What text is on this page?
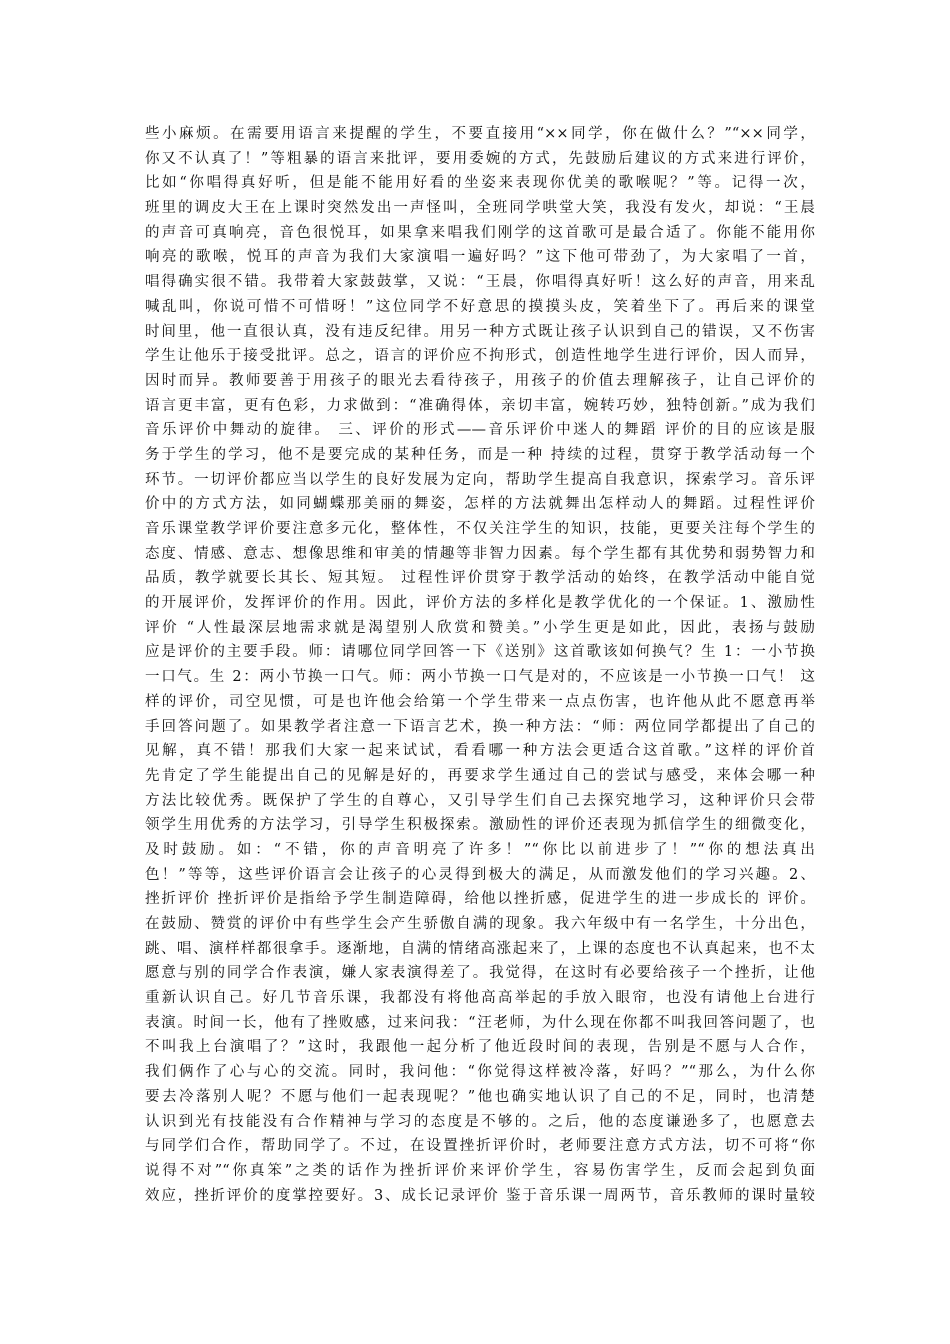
些小麻烦。在需要用语言来提醒的学生，不要直接用“××同学，你在做什么？”“××同学，
你又不认真了！”等粗暴的语言来批评，要用委婉的方式，先鼓励后建议的方式来进行评价，
比如“你唱得真好听，但是能不能用好看的坐姿来表现你优美的歌喉呢？”等。记得一次，
班里的调皮大王在上课时突然发出一声怪叫，全班同学哄堂大笑，我没有发火，却说：“王晨
的声音可真响亮，音色很悦耳，如果拿来唱我们刚学的这首歌可是最合适了。你能不能用你
响亮的歌喉，悦耳的声音为我们大家演唱一遍好吗？”这下他可带劲了，为大家唱了一首，
唱得确实很不错。我带着大家鼓鼓掌，又说：“王晨，你唱得真好听！这么好的声音，用来乱
喊乱叫，你说可惜不可惜呀！”这位同学不好意思的摸摸头皮，笑着坐下了。再后来的课堂
时间里，他一直很认真，没有违反纪律。用另一种方式既让孩子认识到自己的错误，又不伤害
学生让他乐于接受批评。总之，语言的评价应不拘形式，创造性地学生进行评价，因人而异，
因时而异。教师要善于用孩子的眼光去看待孩子，用孩子的价值去理解孩子，让自己评价的
语言更丰富，更有色彩，力求做到：“准确得体，亲切丰富，婉转巧妙，独特创新。”成为我们
音乐评价中舞动的旋律。 三、评价的形式——音乐评价中迷人的舞蹈 评价的目的应该是服
务于学生的学习，他不是要完成的某种任务，而是一种 持续的过程，贯穿于教学活动每一个
环节。一切评价都应当以学生的良好发展为定向，帮助学生提高自我意识，探索学习。音乐评
价中的方式方法，如同蝴蝶那美丽的舞姿，怎样的方法就舞出怎样动人的舞蹈。过程性评价
音乐课堂教学评价要注意多元化，整体性，不仅关注学生的知识，技能，更要关注每个学生的
态度、情感、意志、想像思维和审美的情趣等非智力因素。每个学生都有其优势和弱势智力和
品质，教学就要长其长、短其短。 过程性评价贯穿于教学活动的始终，在教学活动中能自觉
的开展评价，发挥评价的作用。因此，评价方法的多样化是教学优化的一个保证。1、激励性
评价 “人性最深层地需求就是渴望别人欣赏和赞美。”小学生更是如此，因此，表扬与鼓励
应是评价的主要手段。师：请哪位同学回答一下《送别》这首歌该如何换气？生 1：一小节换
一口气。生 2：两小节换一口气。师：两小节换一口气是对的，不应该是一小节换一口气！ 这
样的评价，司空见惯，可是也许他会给第一个学生带来一点点伤害，也许他从此不愿意再举
手回答问题了。如果教学者注意一下语言艺术，换一种方法：“师：两位同学都提出了自己的
见解，真不错！那我们大家一起来试试，看看哪一种方法会更适合这首歌。”这样的评价首
先肯定了学生能提出自己的见解是好的，再要求学生通过自己的尝试与感受，来体会哪一种
方法比较优秀。既保护了学生的自尊心，又引导学生们自己去探究地学习，这种评价只会带
领学生用优秀的方法学习，引导学生积极探索。激励性的评价还表现为抓信学生的细微变化，
及时鼓励。如：“不错，你的声音明亮了许多！”“你比以前进步了！”“你的想法真出
色！”等等，这些评价语言会让孩子的心灵得到极大的满足，从而激发他们的学习兴趣。2、
挫折评价 挫折评价是指给予学生制造障碍，给他以挫折感，促进学生的进一步成长的 评价。
在鼓励、赞赏的评价中有些学生会产生骄傲自满的现象。我六年级中有一名学生，十分出色，
跳、唱、演样样都很拿手。逐渐地，自满的情绪高涨起来了，上课的态度也不认真起来，也不太
愿意与别的同学合作表演，嫌人家表演得差了。我觉得，在这时有必要给孩子一个挫折，让他
重新认识自己。好几节音乐课，我都没有将他高高举起的手放入眼帘，也没有请他上台进行
表演。时间一长，他有了挫败感，过来问我：“汪老师，为什么现在你都不叫我回答问题了，也
不叫我上台演唱了？”这时，我跟他一起分析了他近段时间的表现，告别是不愿与人合作，
我们俩作了心与心的交流。同时，我问他：“你觉得这样被冷落，好吗？”“那么，为什么你
要去冷落别人呢？不愿与他们一起表现呢？”他也确实地认识了自己的不足，同时，也清楚
认识到光有技能没有合作精神与学习的态度是不够的。之后，他的态度谦逊多了，也愿意去
与同学们合作，帮助同学了。不过，在设置挫折评价时，老师要注意方式方法，切不可将“你
说得不对”“你真笨”之类的话作为挫折评价来评价学生，容易伤害学生，反而会起到负面
效应，挫折评价的度掌控要好。3、成长记录评价 鉴于音乐课一周两节，音乐教师的课时量较
